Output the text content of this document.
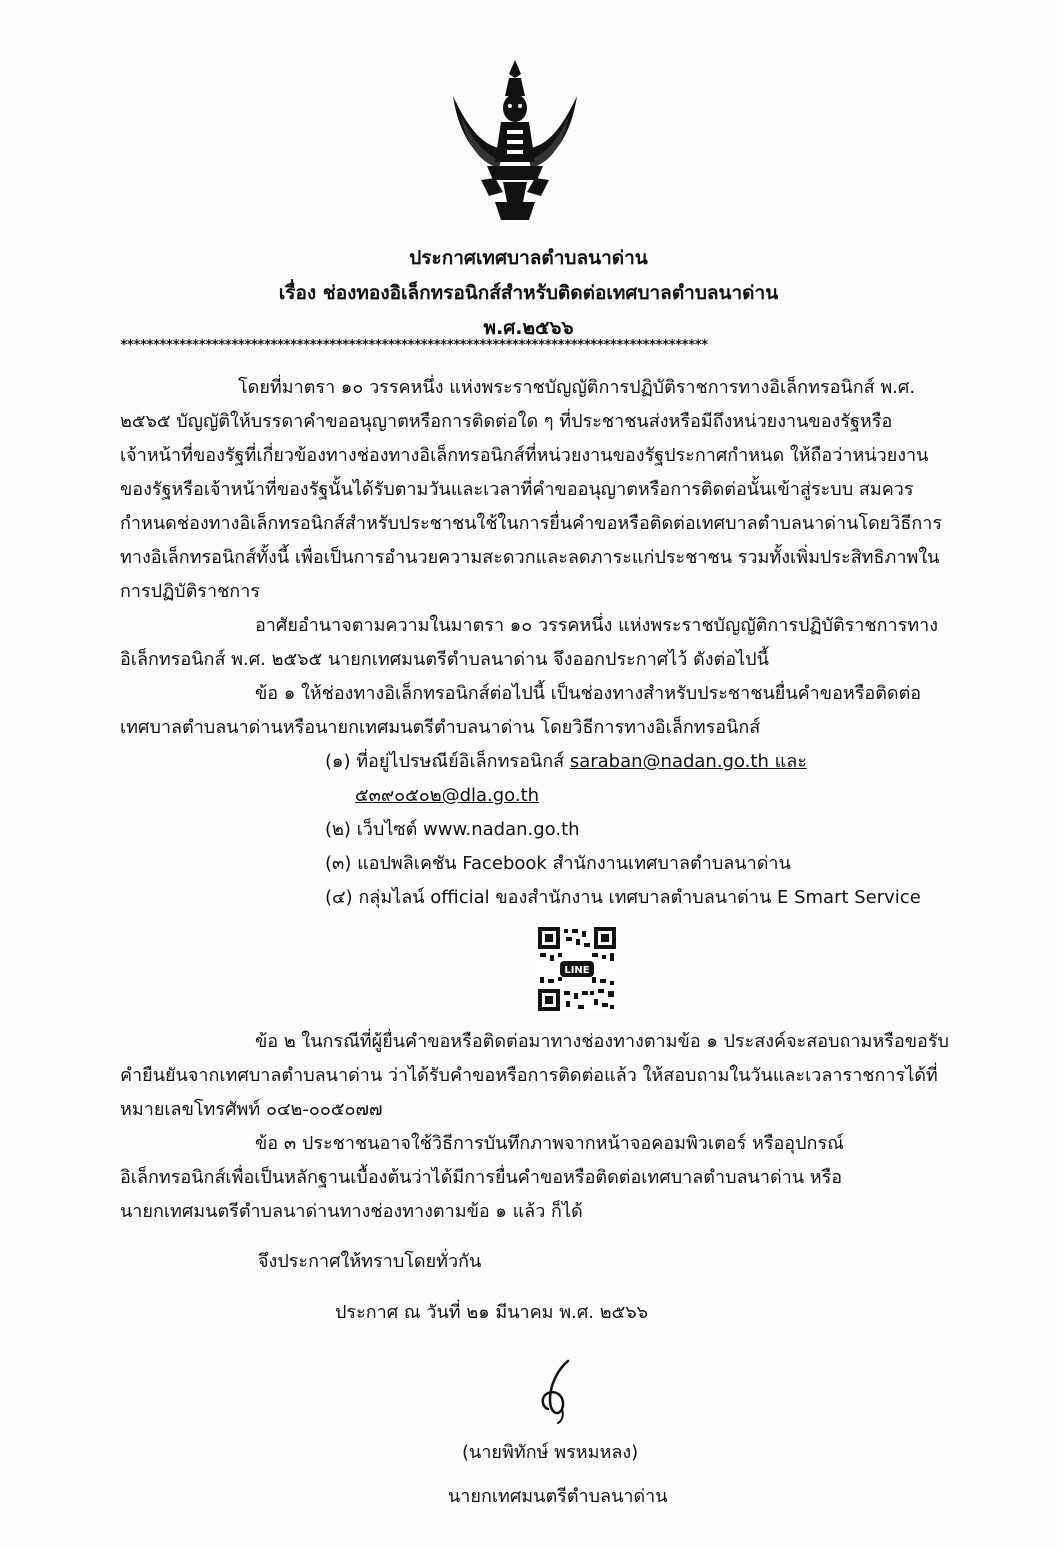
ประกาศเทศบาลตำบลนาด่าน
เรื่อง ช่องทองอิเล็กทรอนิกส์สำหรับติดต่อเทศบาลตำบลนาด่าน
พ.ศ.๒๕๖๖
******************************************************************************************
โดยที่มาตรา ๑๐ วรรคหนึ่ง แห่งพระราชบัญญัติการปฏิบัติราชการทางอิเล็กทรอนิกส์ พ.ศ.
๒๕๖๕ บัญญัติให้บรรดาคำขออนุญาตหรือการติดต่อใด ๆ ที่ประชาชนส่งหรือมีถึงหน่วยงานของรัฐหรือ
เจ้าหน้าที่ของรัฐที่เกี่ยวข้องทางช่องทางอิเล็กทรอนิกส์ที่หน่วยงานของรัฐประกาศกำหนด ให้ถือว่าหน่วยงาน
ของรัฐหรือเจ้าหน้าที่ของรัฐนั้นได้รับตามวันและเวลาที่คำขออนุญาตหรือการติดต่อนั้นเข้าสู่ระบบ สมควร
กำหนดช่องทางอิเล็กทรอนิกส์สำหรับประชาชนใช้ในการยื่นคำขอหรือติดต่อเทศบาลตำบลนาด่านโดยวิธีการ
ทางอิเล็กทรอนิกส์ทั้งนี้ เพื่อเป็นการอำนวยความสะดวกและลดภาระแก่ประชาชน รวมทั้งเพิ่มประสิทธิภาพใน
การปฏิบัติราชการ
อาศัยอำนาจตามความในมาตรา ๑๐ วรรคหนึ่ง แห่งพระราชบัญญัติการปฏิบัติราชการทาง
อิเล็กทรอนิกส์ พ.ศ. ๒๕๖๕ นายกเทศมนตรีตำบลนาด่าน จึงออกประกาศไว้ ดังต่อไปนี้
ข้อ ๑ ให้ช่องทางอิเล็กทรอนิกส์ต่อไปนี้ เป็นช่องทางสำหรับประชาชนยื่นคำขอหรือติดต่อ
เทศบาลตำบลนาด่านหรือนายกเทศมนตรีตำบลนาด่าน โดยวิธีการทางอิเล็กทรอนิกส์
(๑) ที่อยู่ไปรษณีย์อิเล็กทรอนิกส์ saraban@nadan.go.th และ
๕๓๙๐๕๐๒@dla.go.th
(๒) เว็บไซต์ www.nadan.go.th
(๓) แอปพลิเคชัน Facebook สำนักงานเทศบาลตำบลนาด่าน
(๔) กลุ่มไลน์ official ของสำนักงาน เทศบาลตำบลนาด่าน E Smart Service
LINE
ข้อ ๒ ในกรณีที่ผู้ยื่นคำขอหรือติดต่อมาทางช่องทางตามข้อ ๑ ประสงค์จะสอบถามหรือขอรับ
คำยืนยันจากเทศบาลตำบลนาด่าน ว่าได้รับคำขอหรือการติดต่อแล้ว ให้สอบถามในวันและเวลาราชการได้ที่
หมายเลขโทรศัพท์ ๐๔๒-๐๐๕๐๗๗
ข้อ ๓ ประชาชนอาจใช้วิธีการบันทึกภาพจากหน้าจอคอมพิวเตอร์ หรืออุปกรณ์
อิเล็กทรอนิกส์เพื่อเป็นหลักฐานเบื้องต้นว่าได้มีการยื่นคำขอหรือติดต่อเทศบาลตำบลนาด่าน หรือ
นายกเทศมนตรีตำบลนาด่านทางช่องทางตามข้อ ๑ แล้ว ก็ได้
จึงประกาศให้ทราบโดยทั่วกัน
ประกาศ ณ วันที่ ๒๑ มีนาคม พ.ศ. ๒๕๖๖
(นายพิทักษ์ พรหมหลง)
นายกเทศมนตรีตำบลนาด่าน
